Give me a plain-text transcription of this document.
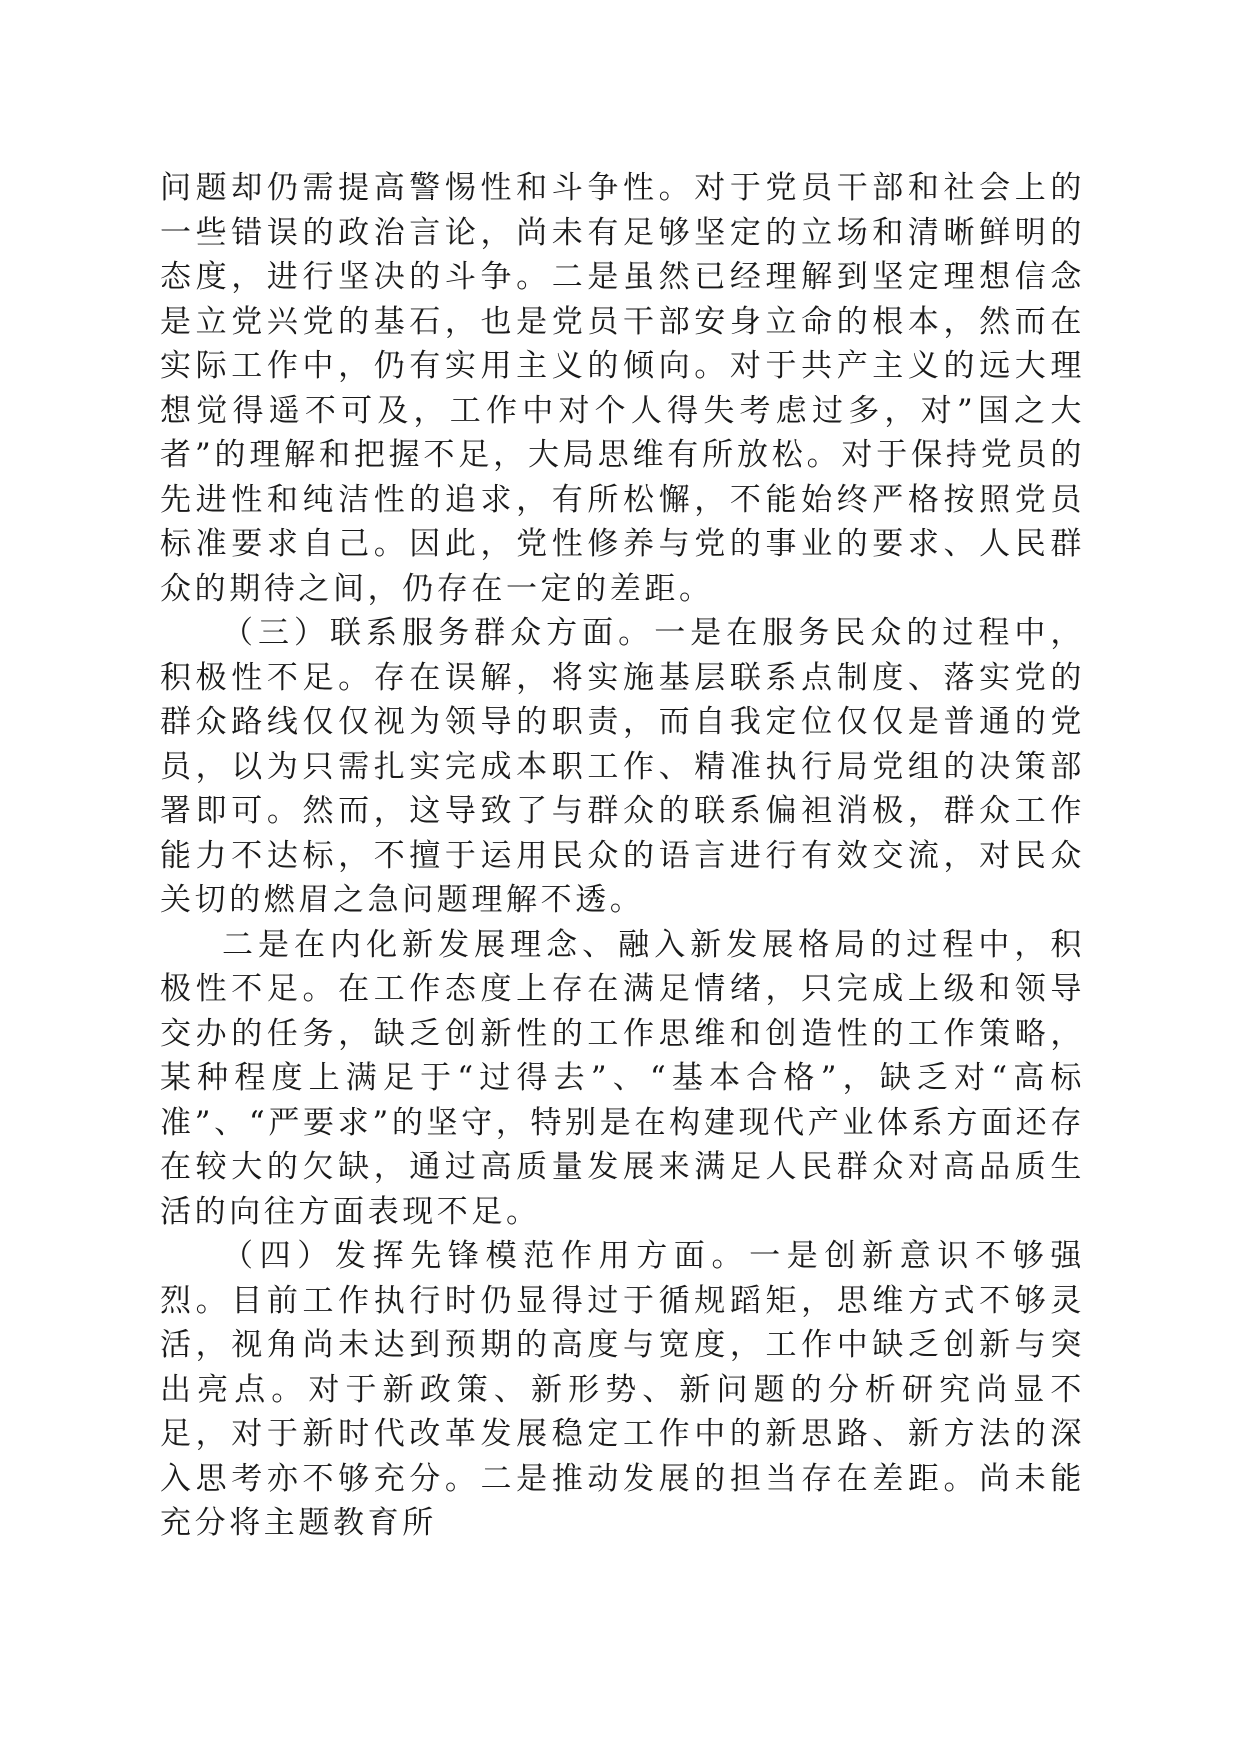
问题却仍需提高警惕性和斗争性。对于党员干部和社会上的一些错误的政治言论，尚未有足够坚定的立场和清晰鲜明的态度，进行坚决的斗争。二是虽然已经理解到坚定理想信念是立党兴党的基石，也是党员干部安身立命的根本，然而在实际工作中，仍有实用主义的倾向。对于共产主义的远大理想觉得遥不可及，工作中对个人得失考虑过多，对”国之大者”的理解和把握不足，大局思维有所放松。对于保持党员的先进性和纯洁性的追求，有所松懈，不能始终严格按照党员标准要求自己。因此，党性修养与党的事业的要求、人民群众的期待之间，仍存在一定的差距。

（三）联系服务群众方面。一是在服务民众的过程中，积极性不足。存在误解，将实施基层联系点制度、落实党的群众路线仅仅视为领导的职责，而自我定位仅仅是普通的党员，以为只需扎实完成本职工作、精准执行局党组的决策部署即可。然而，这导致了与群众的联系偏袒消极，群众工作能力不达标，不擅于运用民众的语言进行有效交流，对民众关切的燃眉之急问题理解不透。

二是在内化新发展理念、融入新发展格局的过程中，积极性不足。在工作态度上存在满足情绪，只完成上级和领导交办的任务，缺乏创新性的工作思维和创造性的工作策略，某种程度上满足于“过得去”、“基本合格”，缺乏对“高标准”、“严要求”的坚守，特别是在构建现代产业体系方面还存在较大的欠缺，通过高质量发展来满足人民群众对高品质生活的向往方面表现不足。

（四）发挥先锋模范作用方面。一是创新意识不够强烈。目前工作执行时仍显得过于循规蹈矩，思维方式不够灵活，视角尚未达到预期的高度与宽度，工作中缺乏创新与突出亮点。对于新政策、新形势、新问题的分析研究尚显不足，对于新时代改革发展稳定工作中的新思路、新方法的深入思考亦不够充分。二是推动发展的担当存在差距。尚未能充分将主题教育所
